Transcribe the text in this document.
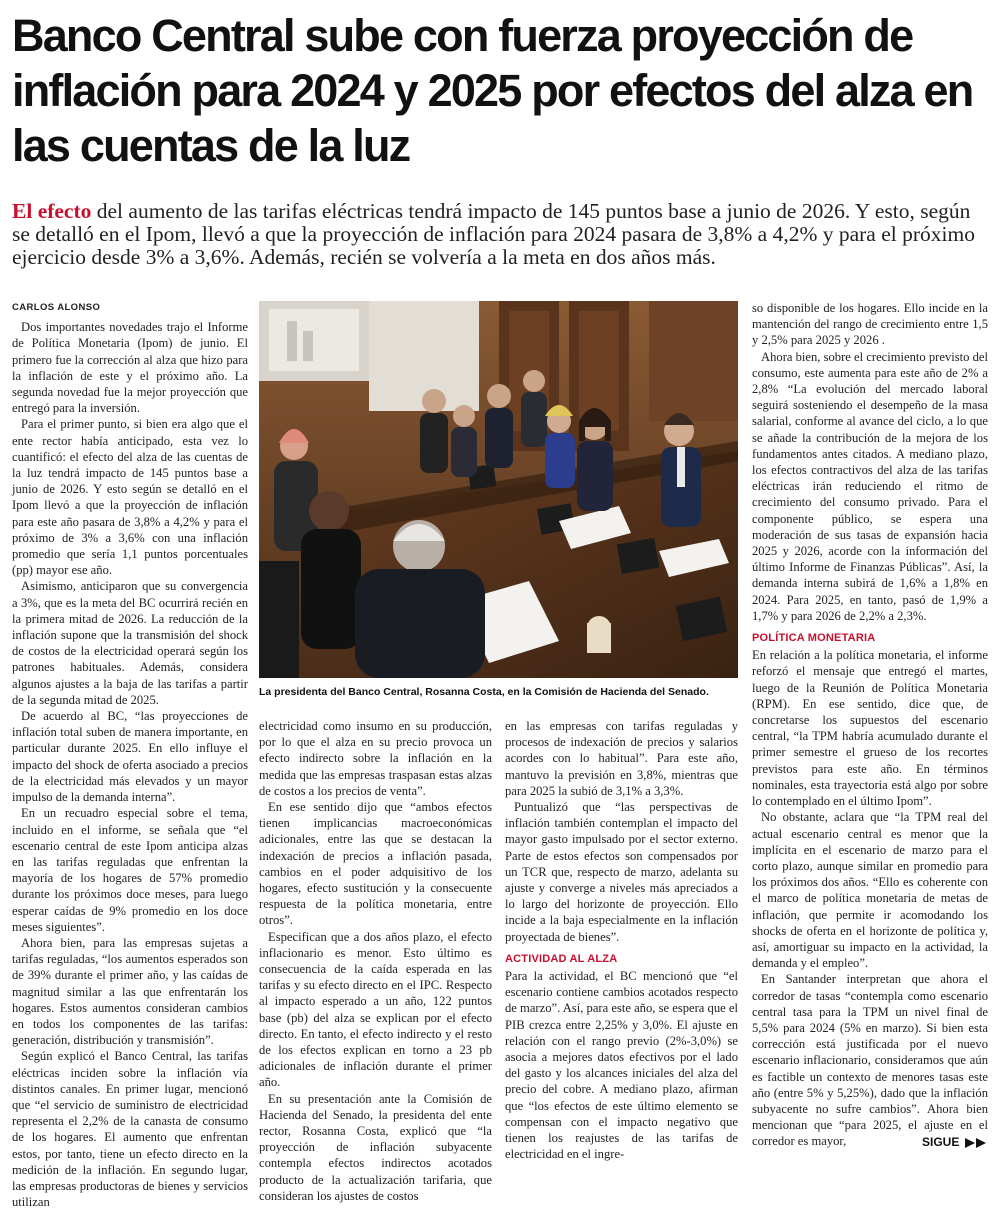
Banco Central sube con fuerza proyección de inflación para 2024 y 2025 por efectos del alza en las cuentas de la luz

El efecto del aumento de las tarifas eléctricas tendrá impacto de 145 puntos base a junio de 2026. Y esto, según se detalló en el Ipom, llevó a que la proyección de inflación para 2024 pasara de 3,8% a 4,2% y para el próximo ejercicio desde 3% a 3,6%. Además, recién se volvería a la meta en dos años más.

CARLOS ALONSO

Dos importantes novedades trajo el Informe de Política Monetaria (Ipom) de junio. El primero fue la corrección al alza que hizo para la inflación de este y el próximo año. La segunda novedad fue la mejor proyección que entregó para la inversión.

Para el primer punto, si bien era algo que el ente rector había anticipado, esta vez lo cuantificó: el efecto del alza de las cuentas de la luz tendrá impacto de 145 puntos base a junio de 2026. Y esto según se detalló en el Ipom llevó a que la proyección de inflación para este año pasara de 3,8% a 4,2% y para el próximo de 3% a 3,6% con una inflación promedio que sería 1,1 puntos porcentuales (pp) mayor ese año.

Asimismo, anticiparon que su convergencia a 3%, que es la meta del BC ocurrirá recién en la primera mitad de 2026. La reducción de la inflación supone que la transmisión del shock de costos de la electricidad operará según los patrones habituales. Además, considera algunos ajustes a la baja de las tarifas a partir de la segunda mitad de 2025.

De acuerdo al BC, “las proyecciones de inflación total suben de manera importante, en particular durante 2025. En ello influye el impacto del shock de oferta asociado a precios de la electricidad más elevados y un mayor impulso de la demanda interna”.

En un recuadro especial sobre el tema, incluido en el informe, se señala que “el escenario central de este Ipom anticipa alzas en las tarifas reguladas que enfrentan la mayoría de los hogares de 57% promedio durante los próximos doce meses, para luego esperar caídas de 9% promedio en los doce meses siguientes”.

Ahora bien, para las empresas sujetas a tarifas reguladas, “los aumentos esperados son de 39% durante el primer año, y las caídas de magnitud similar a las que enfrentarán los hogares. Estos aumentos consideran cambios en todos los componentes de las tarifas: generación, distribución y transmisión”.

Según explicó el Banco Central, las tarifas eléctricas inciden sobre la inflación vía distintos canales. En primer lugar, mencionó que “el servicio de suministro de electricidad representa el 2,2% de la canasta de consumo de los hogares. El aumento que enfrentan estos, por tanto, tiene un efecto directo en la medición de la inflación. En segundo lugar, las empresas productoras de bienes y servicios utilizan

La presidenta del Banco Central, Rosanna Costa, en la Comisión de Hacienda del Senado.

electricidad como insumo en su producción, por lo que el alza en su precio provoca un efecto indirecto sobre la inflación en la medida que las empresas traspasan estas alzas de costos a los precios de venta”.

En ese sentido dijo que “ambos efectos tienen implicancias macroeconómicas adicionales, entre las que se destacan la indexación de precios a inflación pasada, cambios en el poder adquisitivo de los hogares, efecto sustitución y la consecuente respuesta de la política monetaria, entre otros”.

Especifican que a dos años plazo, el efecto inflacionario es menor. Esto último es consecuencia de la caída esperada en las tarifas y su efecto directo en el IPC. Respecto al impacto esperado a un año, 122 puntos base (pb) del alza se explican por el efecto directo. En tanto, el efecto indirecto y el resto de los efectos explican en torno a 23 pb adicionales de inflación durante el primer año.

En su presentación ante la Comisión de Hacienda del Senado, la presidenta del ente rector, Rosanna Costa, explicó que “la proyección de inflación subyacente contempla efectos indirectos acotados producto de la actualización tarifaria, que consideran los ajustes de costos

en las empresas con tarifas reguladas y procesos de indexación de precios y salarios acordes con lo habitual”. Para este año, mantuvo la previsión en 3,8%, mientras que para 2025 la subió de 3,1% a 3,3%.

Puntualizó que “las perspectivas de inflación también contemplan el impacto del mayor gasto impulsado por el sector externo. Parte de estos efectos son compensados por un TCR que, respecto de marzo, adelanta su ajuste y converge a niveles más apreciados a lo largo del horizonte de proyección. Ello incide a la baja especialmente en la inflación proyectada de bienes”.

ACTIVIDAD AL ALZA

Para la actividad, el BC mencionó que “el escenario contiene cambios acotados respecto de marzo”. Así, para este año, se espera que el PIB crezca entre 2,25% y 3,0%. El ajuste en relación con el rango previo (2%-3,0%) se asocia a mejores datos efectivos por el lado del gasto y los alcances iniciales del alza del precio del cobre. A mediano plazo, afirman que “los efectos de este último elemento se compensan con el impacto negativo que tienen los reajustes de las tarifas de electricidad en el ingre-

so disponible de los hogares. Ello incide en la mantención del rango de crecimiento entre 1,5 y 2,5% para 2025 y 2026 .

Ahora bien, sobre el crecimiento previsto del consumo, este aumenta para este año de 2% a 2,8% “La evolución del mercado laboral seguirá sosteniendo el desempeño de la masa salarial, conforme al avance del ciclo, a lo que se añade la contribución de la mejora de los fundamentos antes citados. A mediano plazo, los efectos contractivos del alza de las tarifas eléctricas irán reduciendo el ritmo de crecimiento del consumo privado. Para el componente público, se espera una moderación de sus tasas de expansión hacia 2025 y 2026, acorde con la información del último Informe de Finanzas Públicas”. Así, la demanda interna subirá de 1,6% a 1,8% en 2024. Para 2025, en tanto, pasó de 1,9% a 1,7% y para 2026 de 2,2% a 2,3%.

POLÍTICA MONETARIA

En relación a la política monetaria, el informe reforzó el mensaje que entregó el martes, luego de la Reunión de Política Monetaria (RPM). En ese sentido, dice que, de concretarse los supuestos del escenario central, “la TPM habría acumulado durante el primer semestre el grueso de los recortes previstos para este año. En términos nominales, esta trayectoria está algo por sobre lo contemplado en el último Ipom”.

No obstante, aclara que “la TPM real del actual escenario central es menor que la implícita en el escenario de marzo para el corto plazo, aunque similar en promedio para los próximos dos años. “Ello es coherente con el marco de política monetaria de metas de inflación, que permite ir acomodando los shocks de oferta en el horizonte de política y, así, amortiguar su impacto en la actividad, la demanda y el empleo”.

En Santander interpretan que ahora el corredor de tasas “contempla como escenario central tasa para la TPM un nivel final de 5,5% para 2024 (5% en marzo). Si bien esta corrección está justificada por el nuevo escenario inflacionario, consideramos que aún es factible un contexto de menores tasas este año (entre 5% y 5,25%), dado que la inflación subyacente no sufre cambios”. Ahora bien mencionan que “para 2025, el ajuste en el corredor es mayor,	SIGUE
